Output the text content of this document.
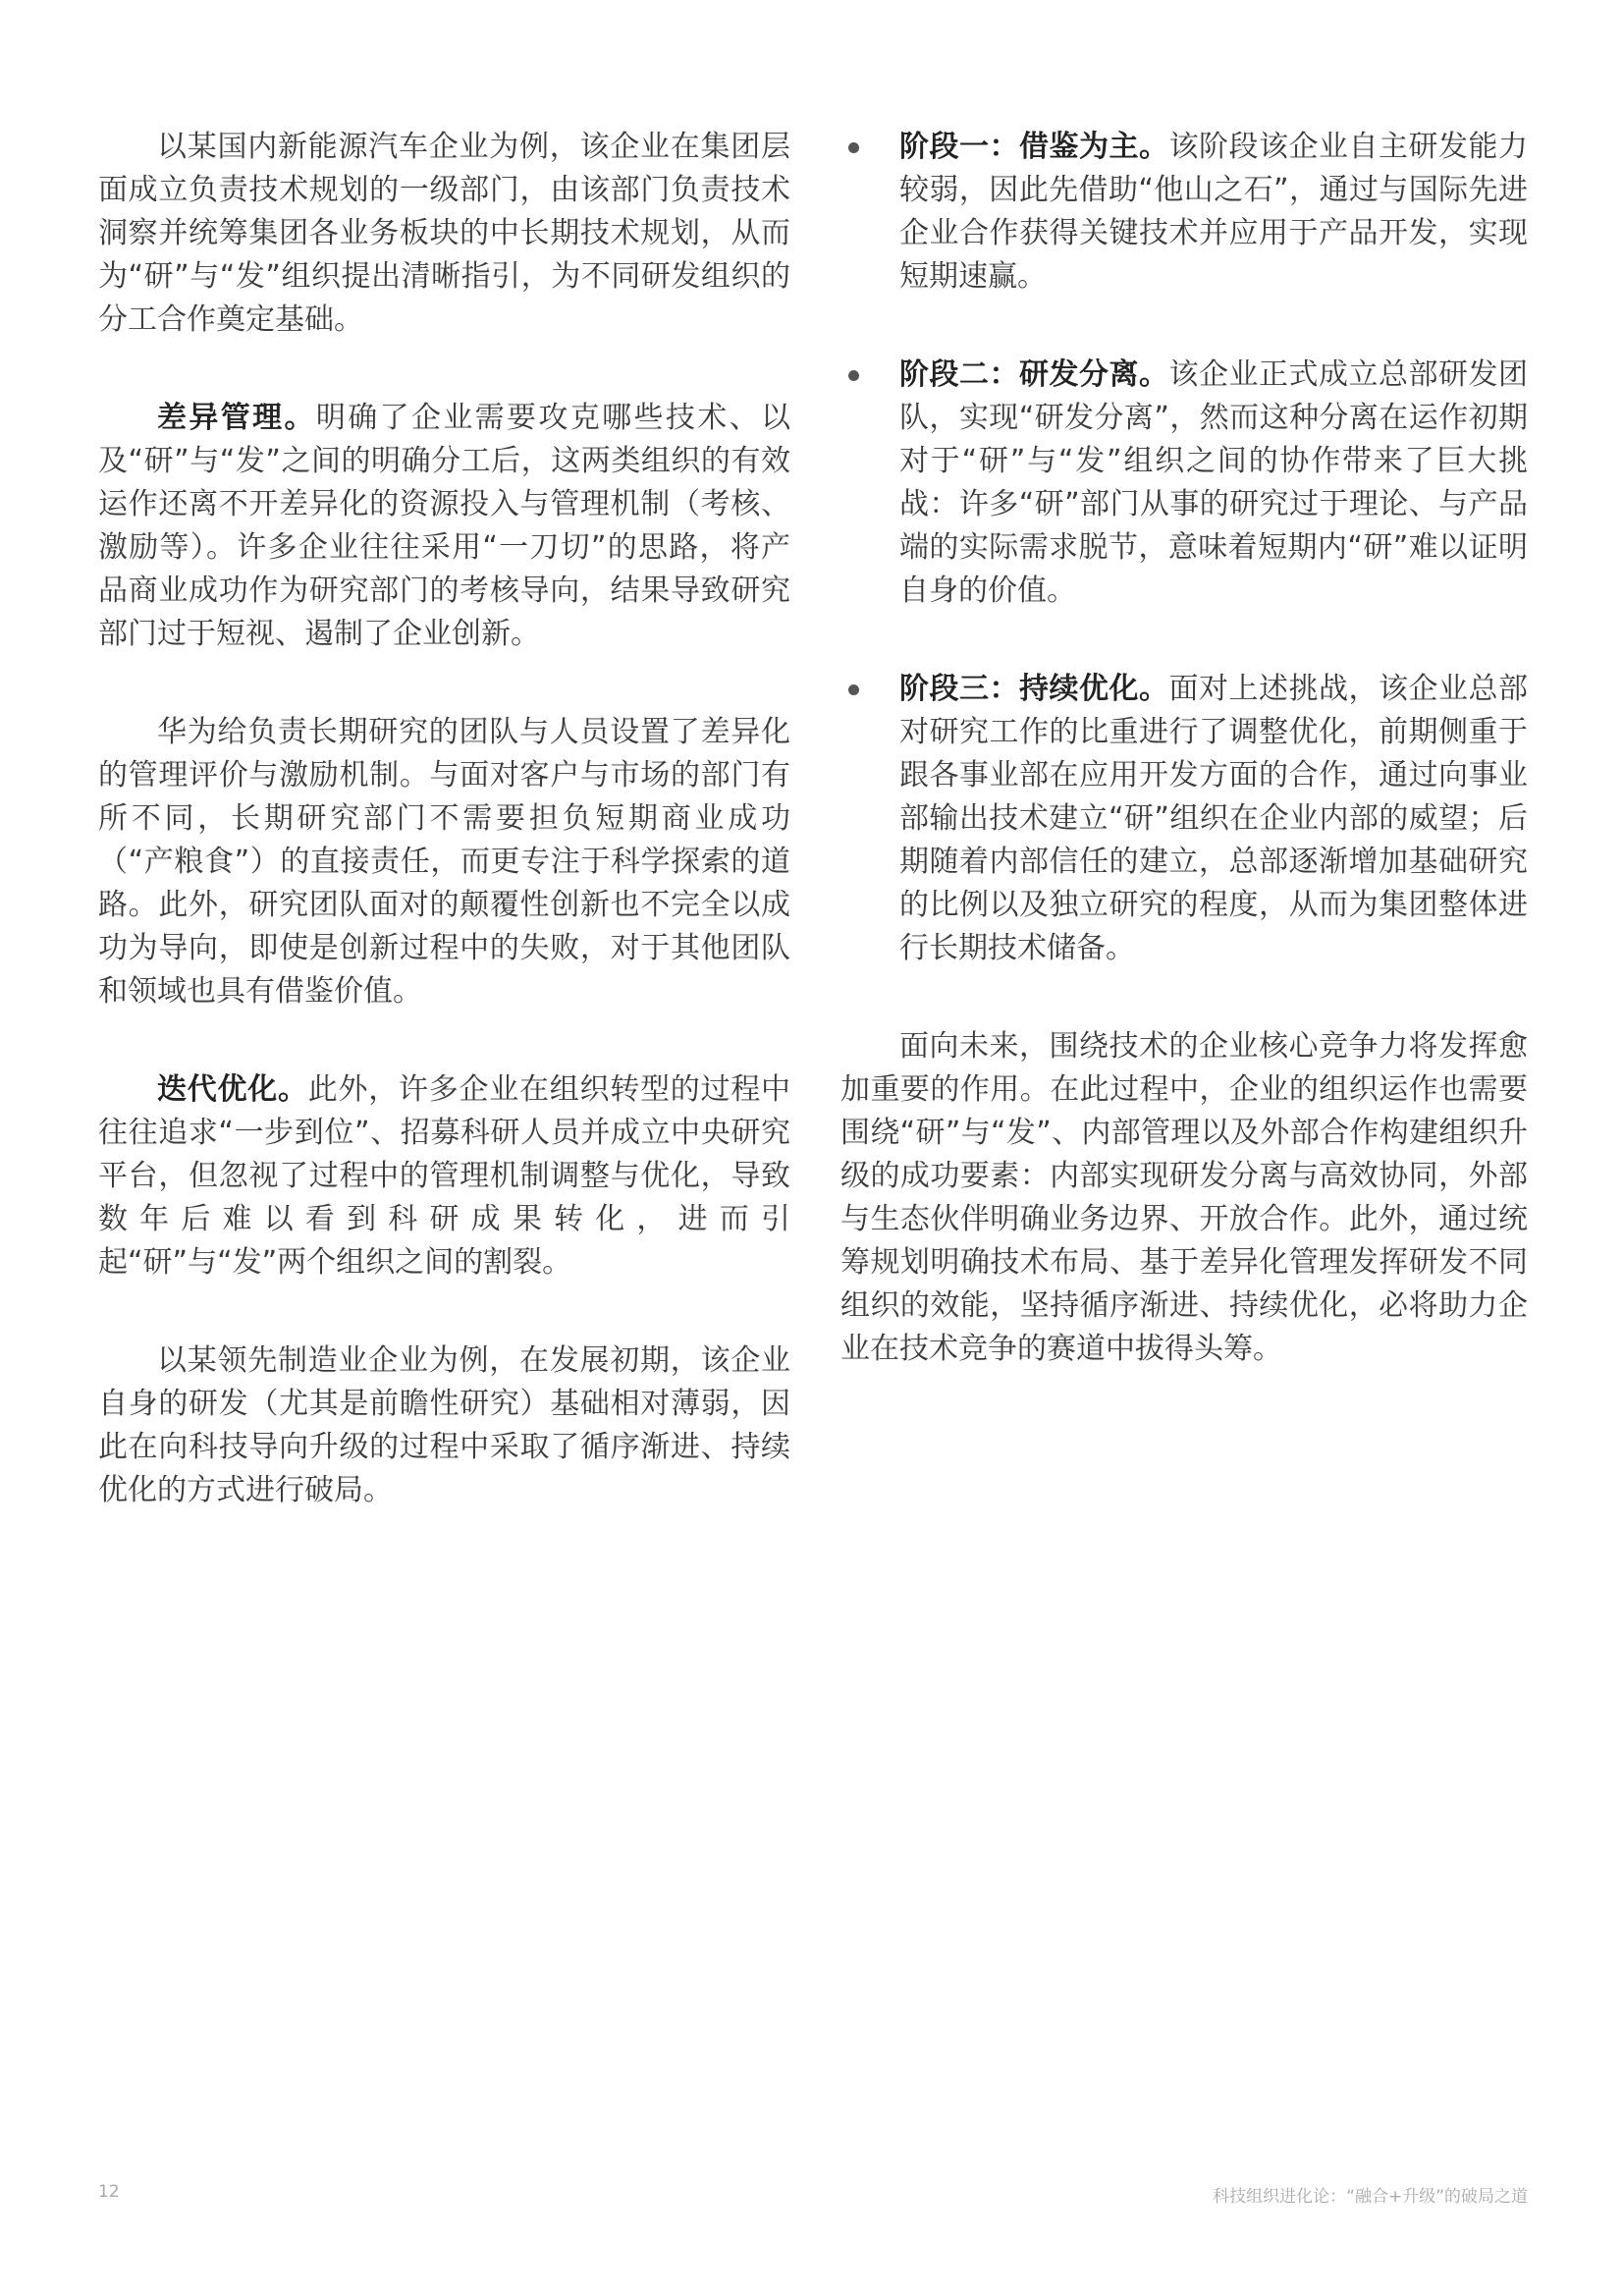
以某国内新能源汽车企业为例，该企业在集团层面成立负责技术规划的一级部门，由该部门负责技术洞察并统筹集团各业务板块的中长期技术规划，从而为“研”与“发”组织提出清晰指引，为不同研发组织的分工合作奠定基础。

差异管理。明确了企业需要攻克哪些技术、以及“研”与“发”之间的明确分工后，这两类组织的有效运作还离不开差异化的资源投入与管理机制（考核、激励等）。许多企业往往采用“一刀切”的思路，将产品商业成功作为研究部门的考核导向，结果导致研究部门过于短视、遏制了企业创新。

华为给负责长期研究的团队与人员设置了差异化的管理评价与激励机制。与面对客户与市场的部门有所不同，长期研究部门不需要担负短期商业成功（“产粮食”）的直接责任，而更专注于科学探索的道路。此外，研究团队面对的颠覆性创新也不完全以成功为导向，即使是创新过程中的失败，对于其他团队和领域也具有借鉴价值。

迭代优化。此外，许多企业在组织转型的过程中往往追求“一步到位”、招募科研人员并成立中央研究平台，但忽视了过程中的管理机制调整与优化，导致数年后难以看到科研成果转化，进而引起“研”与“发”两个组织之间的割裂。

以某领先制造业企业为例，在发展初期，该企业自身的研发（尤其是前瞻性研究）基础相对薄弱，因此在向科技导向升级的过程中采取了循序渐进、持续优化的方式进行破局。

阶段一：借鉴为主。该阶段该企业自主研发能力较弱，因此先借助“他山之石”，通过与国际先进企业合作获得关键技术并应用于产品开发，实现短期速赢。
阶段二：研发分离。该企业正式成立总部研发团队，实现“研发分离”，然而这种分离在运作初期对于“研”与“发”组织之间的协作带来了巨大挑战：许多“研”部门从事的研究过于理论、与产品端的实际需求脱节，意味着短期内“研”难以证明自身的价值。
阶段三：持续优化。面对上述挑战，该企业总部对研究工作的比重进行了调整优化，前期侧重于跟各事业部在应用开发方面的合作，通过向事业部输出技术建立“研”组织在企业内部的威望；后期随着内部信任的建立，总部逐渐增加基础研究的比例以及独立研究的程度，从而为集团整体进行长期技术储备。

面向未来，围绕技术的企业核心竞争力将发挥愈加重要的作用。在此过程中，企业的组织运作也需要围绕“研”与“发”、内部管理以及外部合作构建组织升级的成功要素：内部实现研发分离与高效协同，外部与生态伙伴明确业务边界、开放合作。此外，通过统筹规划明确技术布局、基于差异化管理发挥研发不同组织的效能，坚持循序渐进、持续优化，必将助力企业在技术竞争的赛道中拔得头筹。

12	科技组织进化论：“融合+升级”的破局之道
